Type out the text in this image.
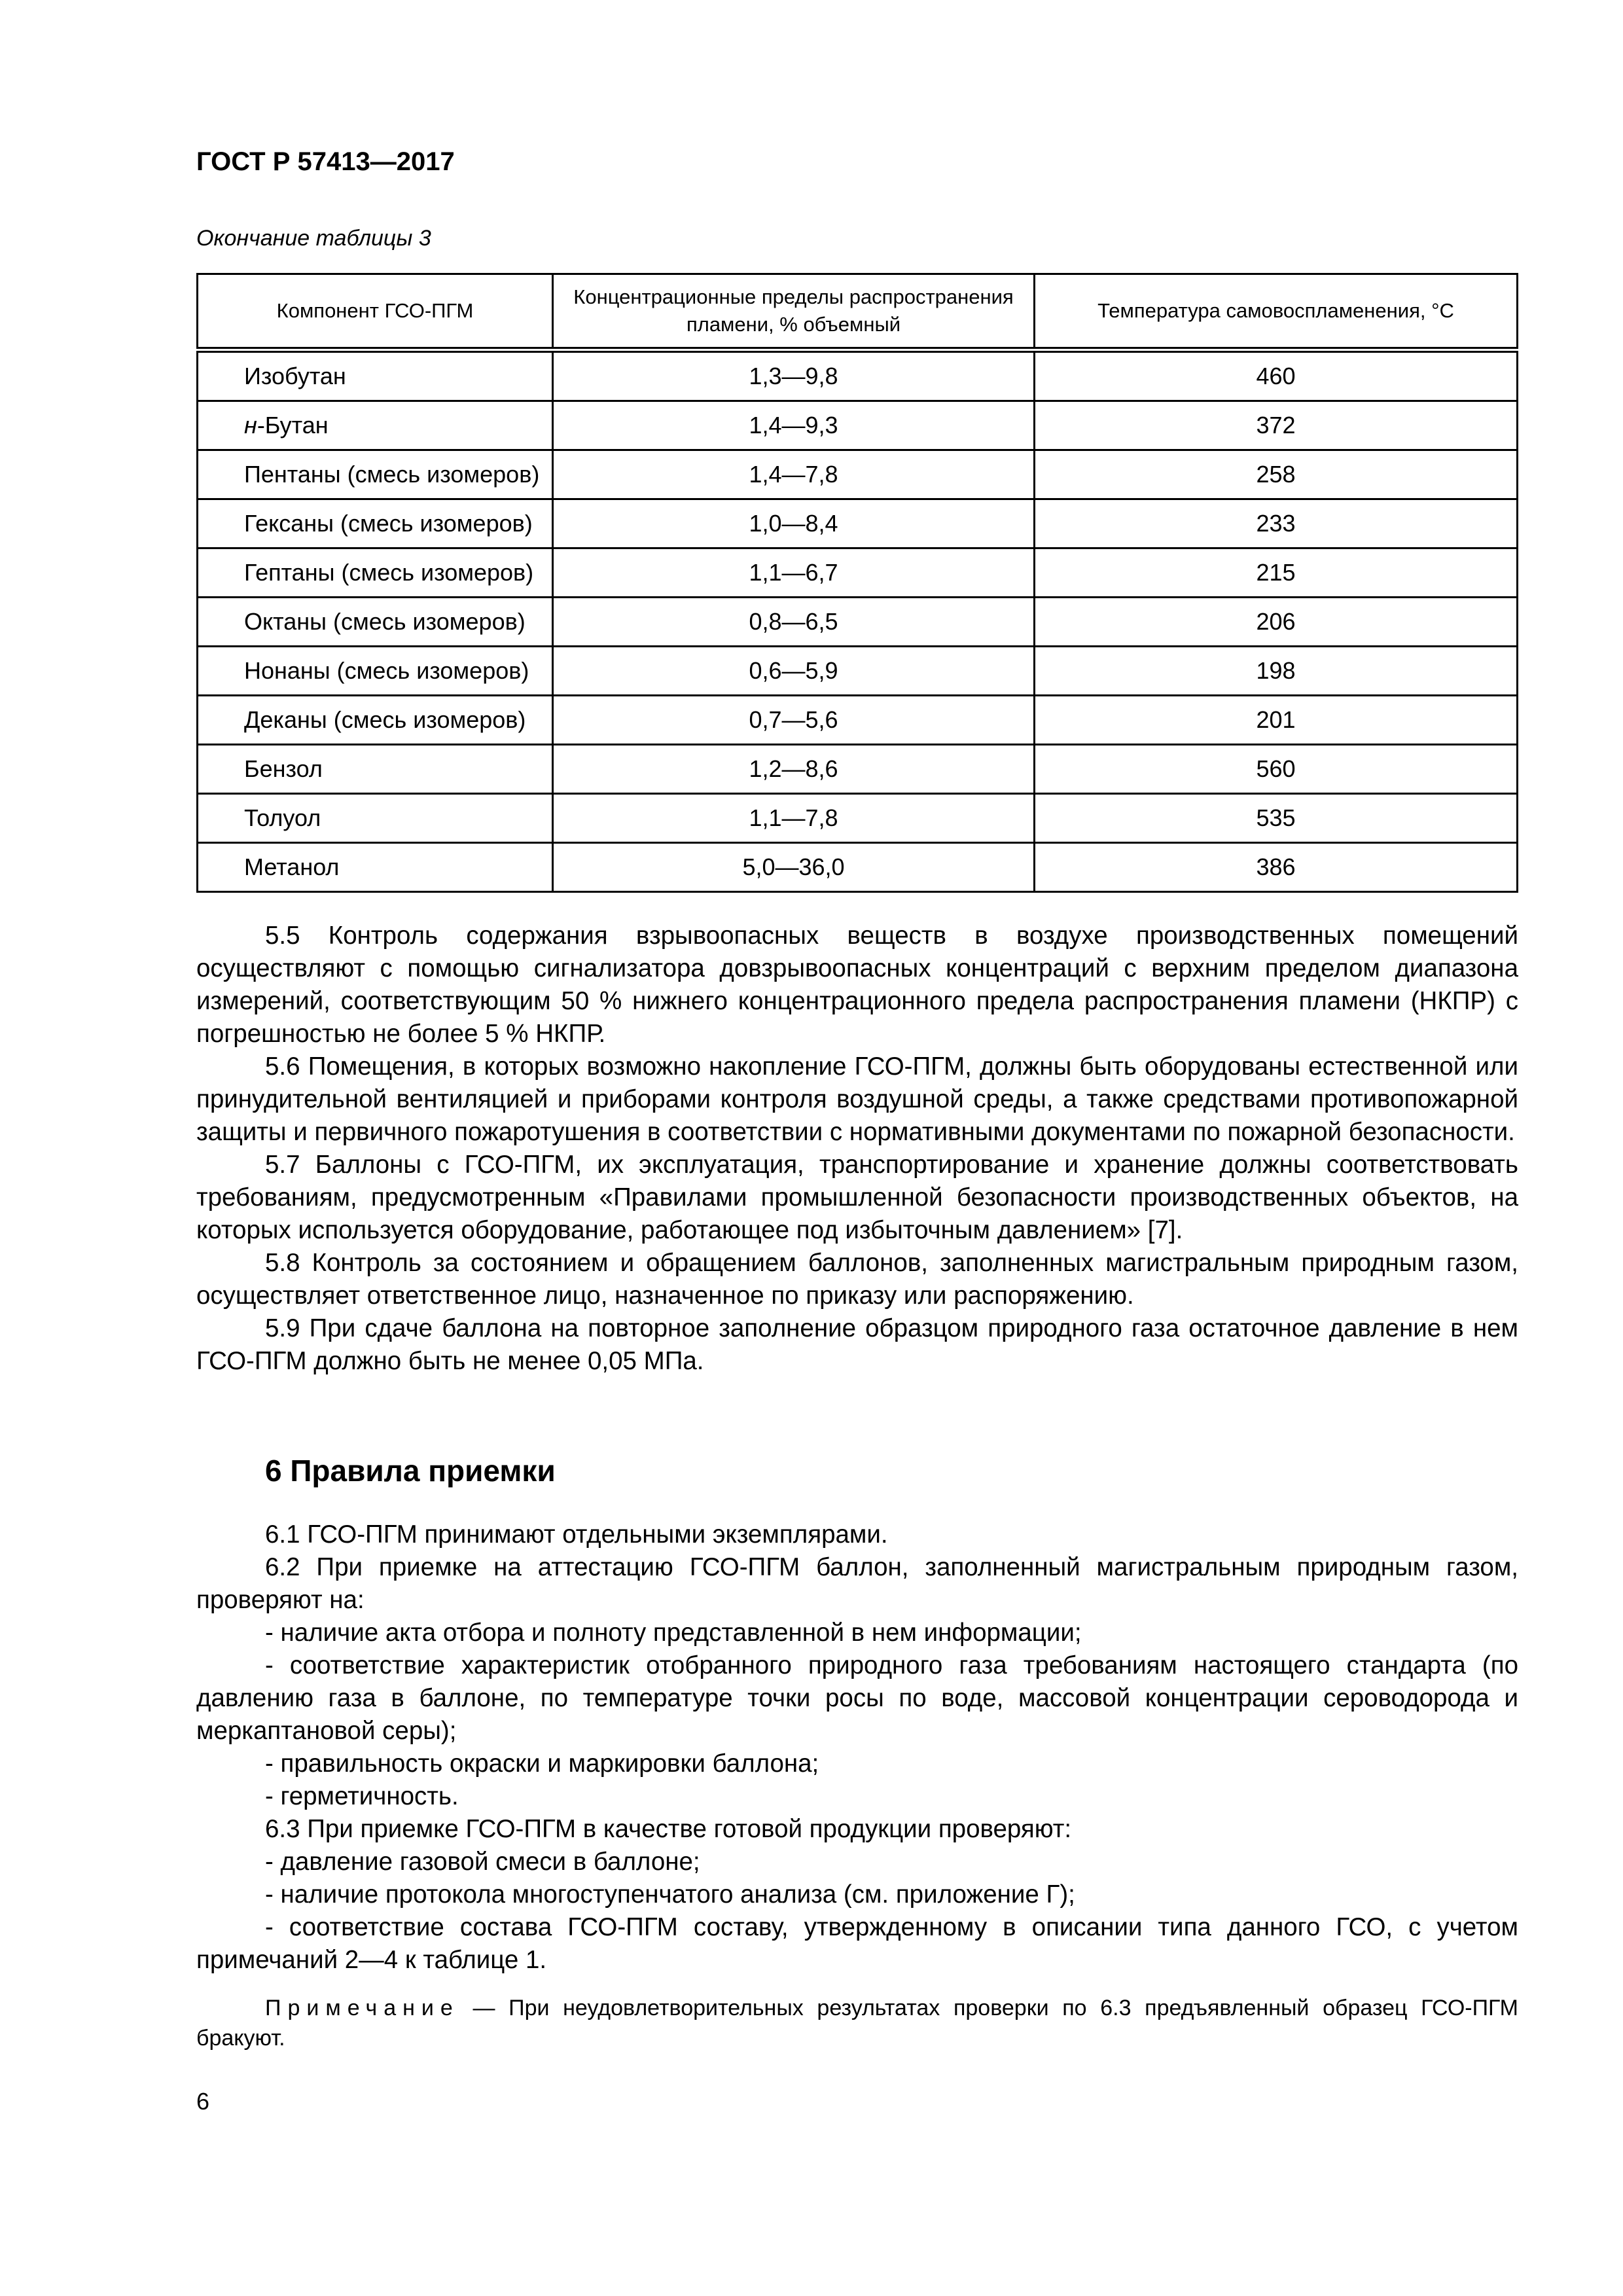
ГОСТ Р 57413—2017
Окончание таблицы 3
Компонент ГСО-ПГМ	Концентрационные пределы распространения пламени, % объемный	Температура самовоспламенения, °С
Изобутан	1,3—9,8	460
н-Бутан	1,4—9,3	372
Пентаны (смесь изомеров)	1,4—7,8	258
Гексаны (смесь изомеров)	1,0—8,4	233
Гептаны (смесь изомеров)	1,1—6,7	215
Октаны (смесь изомеров)	0,8—6,5	206
Нонаны (смесь изомеров)	0,6—5,9	198
Деканы (смесь изомеров)	0,7—5,6	201
Бензол	1,2—8,6	560
Толуол	1,1—7,8	535
Метанол	5,0—36,0	386

5.5 Контроль содержания взрывоопасных веществ в воздухе производственных помещений осуществляют с помощью сигнализатора довзрывоопасных концентраций с верхним пределом диапазона измерений, соответствующим 50 % нижнего концентрационного предела распространения пламени (НКПР) с погрешностью не более 5 % НКПР.

5.6 Помещения, в которых возможно накопление ГСО-ПГМ, должны быть оборудованы естественной или принудительной вентиляцией и приборами контроля воздушной среды, а также средствами противопожарной защиты и первичного пожаротушения в соответствии с нормативными документами по пожарной безопасности.

5.7 Баллоны с ГСО-ПГМ, их эксплуатация, транспортирование и хранение должны соответствовать требованиям, предусмотренным «Правилами промышленной безопасности производственных объектов, на которых используется оборудование, работающее под избыточным давлением» [7].

5.8 Контроль за состоянием и обращением баллонов, заполненных магистральным природным газом, осуществляет ответственное лицо, назначенное по приказу или распоряжению.

5.9 При сдаче баллона на повторное заполнение образцом природного газа остаточное давление в нем ГСО-ПГМ должно быть не менее 0,05 МПа.

6 Правила приемки

6.1 ГСО-ПГМ принимают отдельными экземплярами.

6.2 При приемке на аттестацию ГСО-ПГМ баллон, заполненный магистральным природным газом, проверяют на:

- наличие акта отбора и полноту представленной в нем информации;

- соответствие характеристик отобранного природного газа требованиям настоящего стандарта (по давлению газа в баллоне, по температуре точки росы по воде, массовой концентрации сероводорода и меркаптановой серы);

- правильность окраски и маркировки баллона;

- герметичность.

6.3 При приемке ГСО-ПГМ в качестве готовой продукции проверяют:

- давление газовой смеси в баллоне;

- наличие протокола многоступенчатого анализа (см. приложение Г);

- соответствие состава ГСО-ПГМ составу, утвержденному в описании типа данного ГСО, с учетом примечаний 2—4 к таблице 1.

Примечание — При неудовлетворительных результатах проверки по 6.3 предъявленный образец ГСО-ПГМ бракуют.
6
